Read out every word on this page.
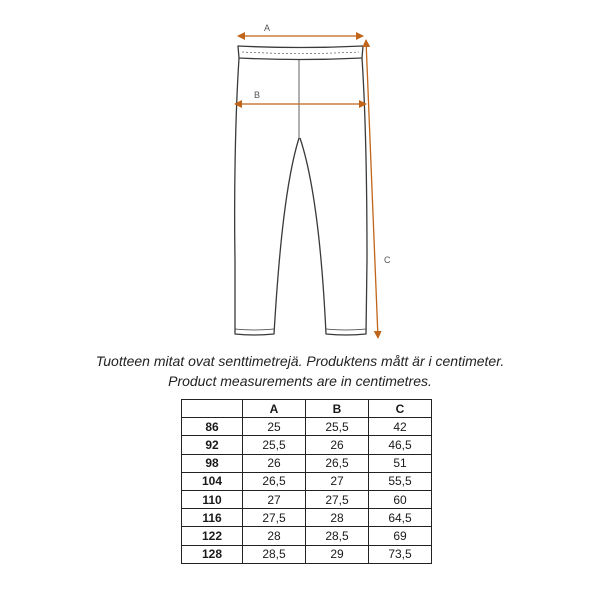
A
B
C
Tuotteen mitat ovat senttimetrejä. Produktens mått är i centimeter.
Product measurements are in centimetres.
	A	B	C
86	25	25,5	42
92	25,5	26	46,5
98	26	26,5	51
104	26,5	27	55,5
110	27	27,5	60
116	27,5	28	64,5
122	28	28,5	69
128	28,5	29	73,5
